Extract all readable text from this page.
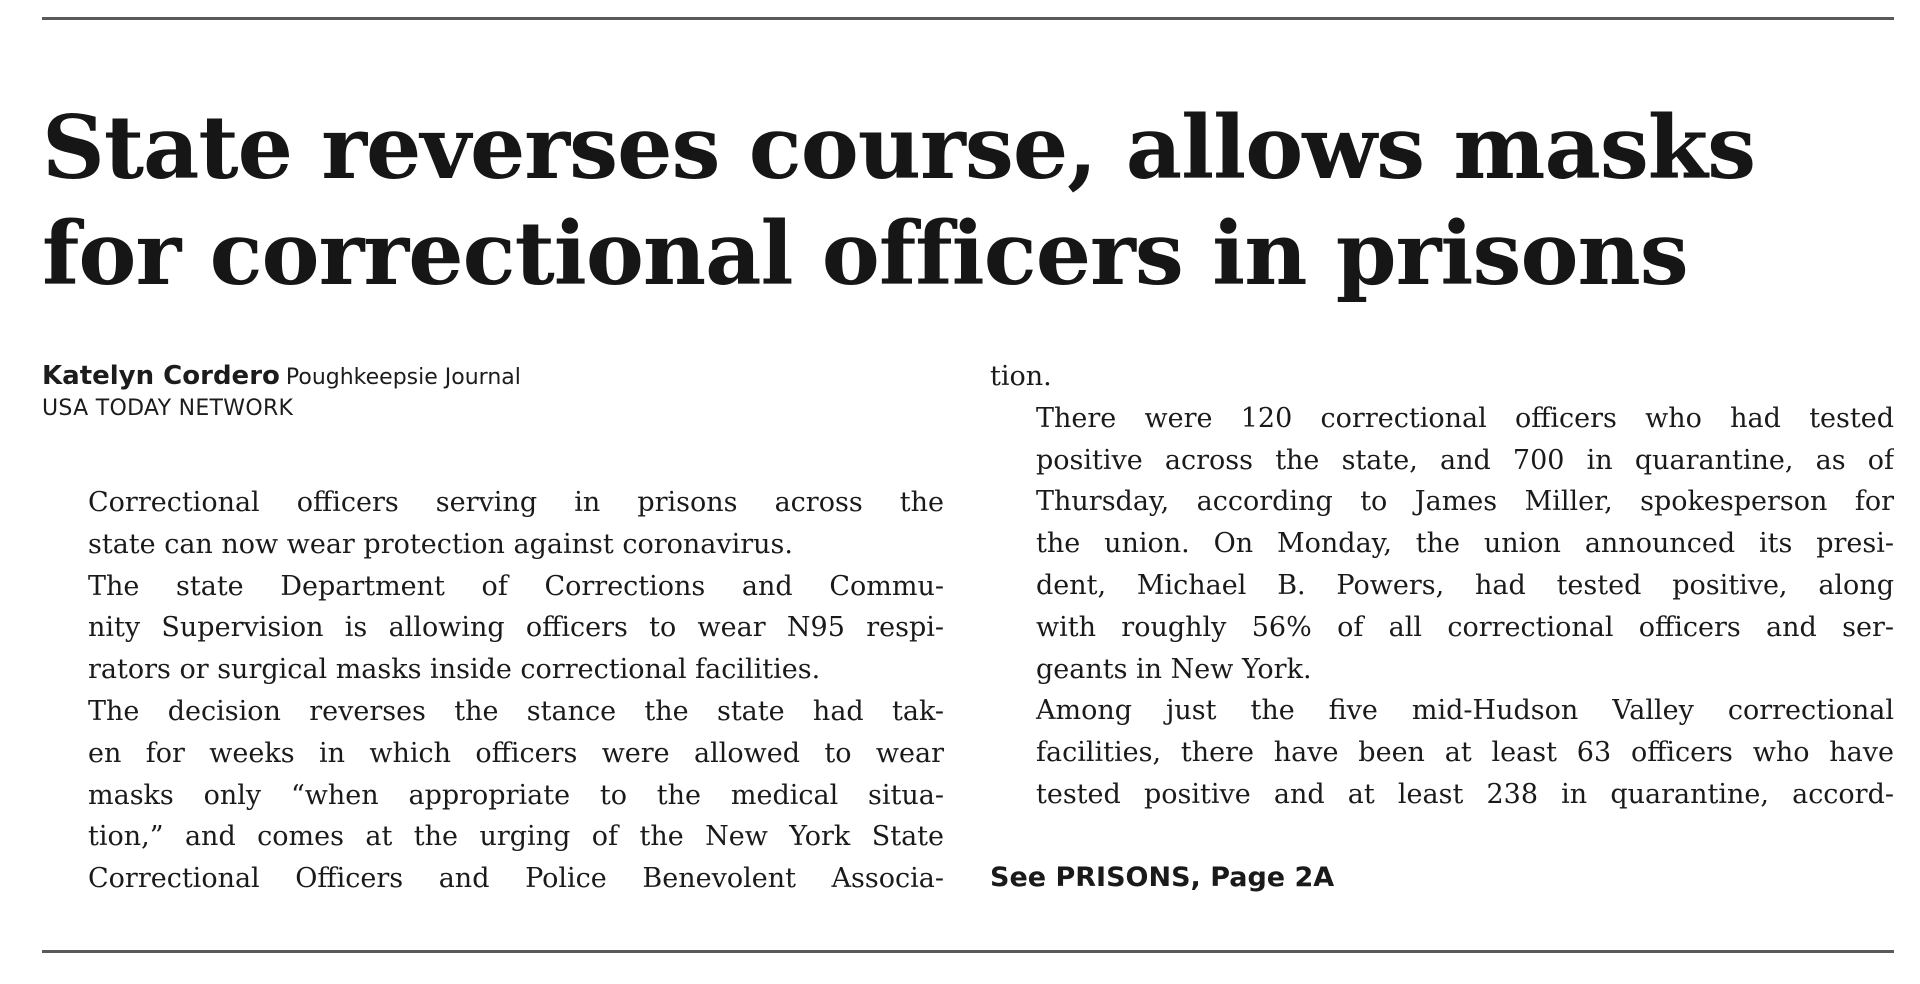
State reverses course, allows masks
for correctional officers in prisons
Katelyn Cordero Poughkeepsie Journal
USA TODAY NETWORK

Correctional officers serving in prisons across the
state can now wear protection against coronavirus.

The state Department of Corrections and Commu-
nity Supervision is allowing officers to wear N95 respi-
rators or surgical masks inside correctional facilities.

The decision reverses the stance the state had tak-
en for weeks in which officers were allowed to wear
masks only “when appropriate to the medical situa-
tion,” and comes at the urging of the New York State
Correctional Officers and Police Benevolent Associa-

tion.

There were 120 correctional officers who had tested
positive across the state, and 700 in quarantine, as of
Thursday, according to James Miller, spokesperson for
the union. On Monday, the union announced its presi-
dent, Michael B. Powers, had tested positive, along
with roughly 56% of all correctional officers and ser-
geants in New York.

Among just the five mid-Hudson Valley correctional
facilities, there have been at least 63 officers who have
tested positive and at least 238 in quarantine, accord-

See PRISONS, Page 2A
